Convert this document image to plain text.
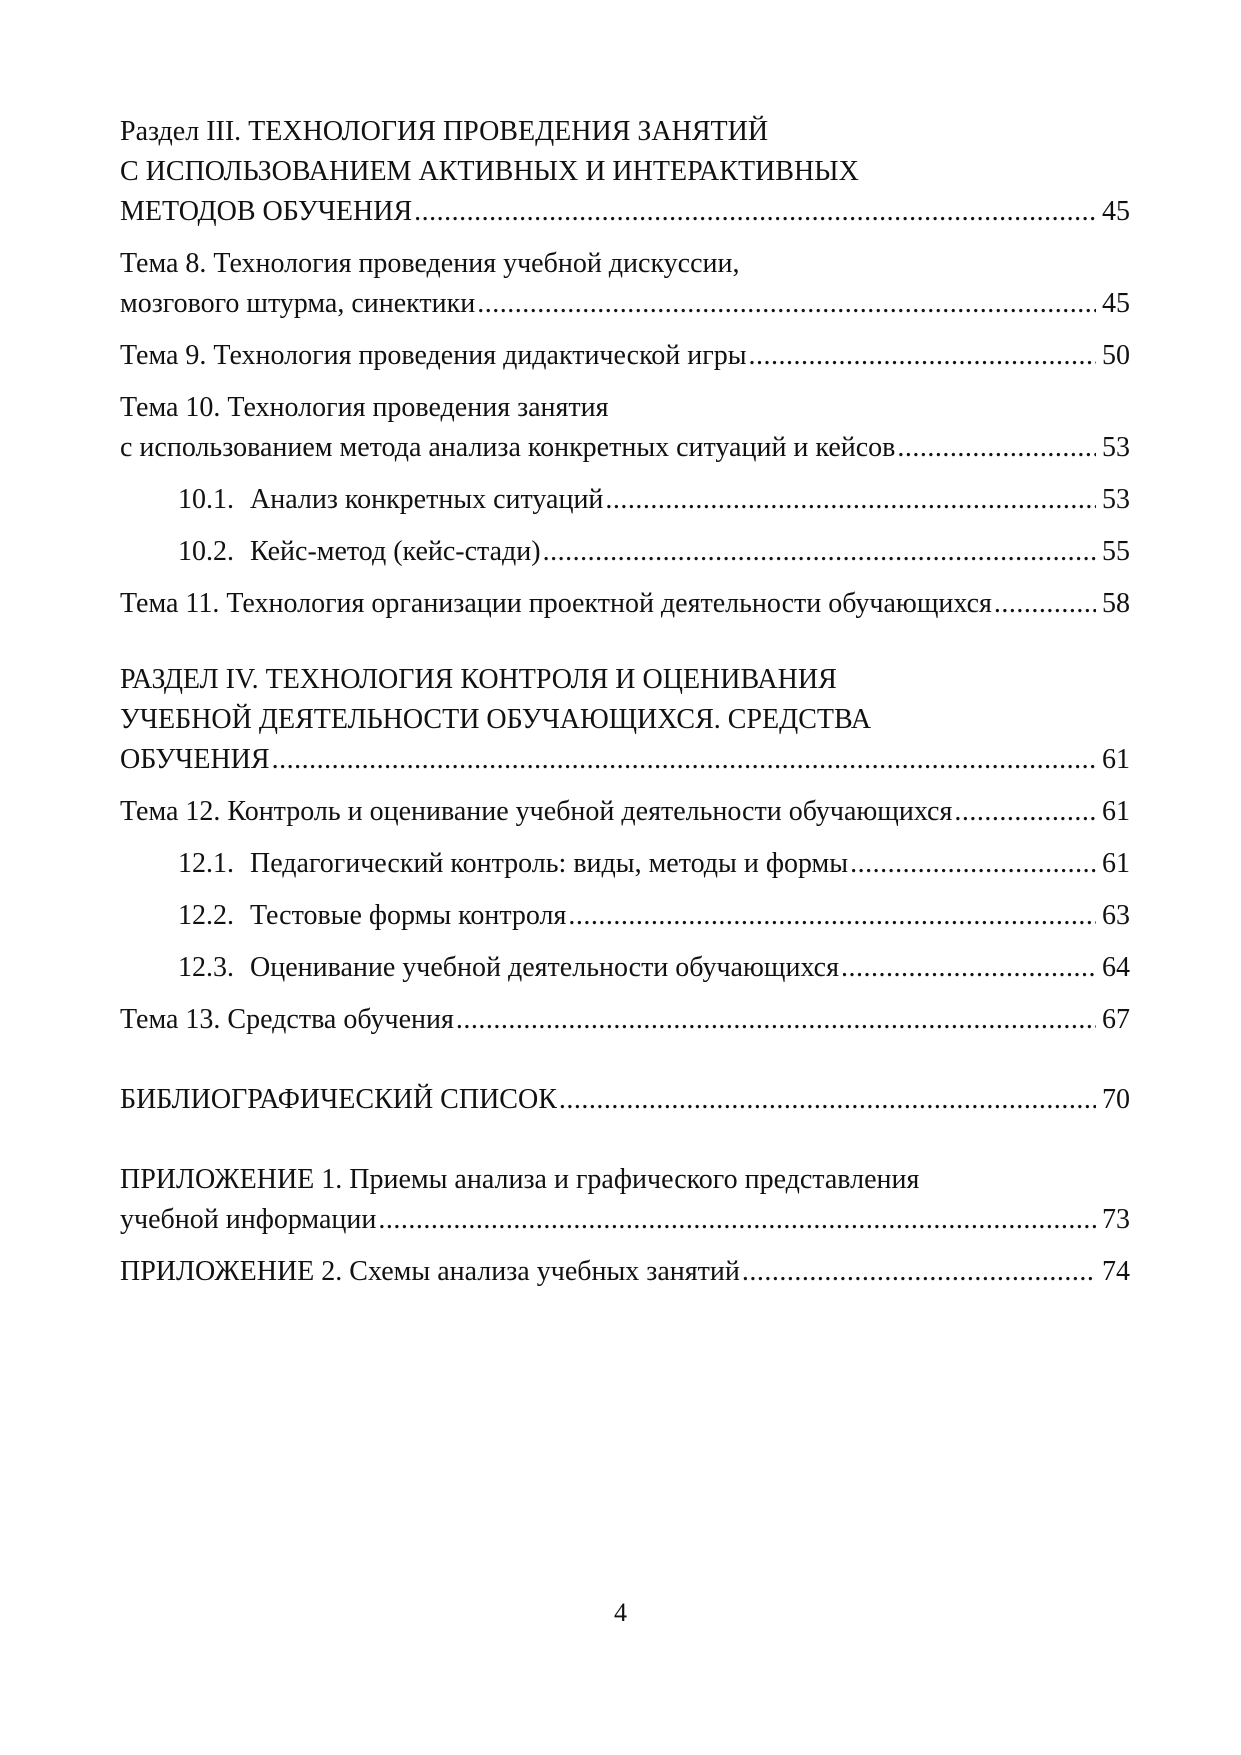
Раздел III. ТЕХНОЛОГИЯ ПРОВЕДЕНИЯ ЗАНЯТИЙ
С ИСПОЛЬЗОВАНИЕМ АКТИВНЫХ И ИНТЕРАКТИВНЫХ
МЕТОДОВ ОБУЧЕНИЯ .....	45
Тема 8. Технология проведения учебной дискуссии,
мозгового штурма, синектики .....	45
Тема 9. Технология проведения дидактической игры .....	50
Тема 10. Технология проведения занятия
с использованием метода анализа конкретных ситуаций и кейсов .....	53
10.1. Анализ конкретных ситуаций .....	53
10.2. Кейс-метод (кейс-стади) .....	55
Тема 11. Технология организации проектной деятельности обучающихся .....	58
РАЗДЕЛ IV. ТЕХНОЛОГИЯ КОНТРОЛЯ И ОЦЕНИВАНИЯ
УЧЕБНОЙ ДЕЯТЕЛЬНОСТИ ОБУЧАЮЩИХСЯ. СРЕДСТВА
ОБУЧЕНИЯ .....	61
Тема 12. Контроль и оценивание учебной деятельности обучающихся .....	61
12.1. Педагогический контроль: виды, методы и формы .....	61
12.2. Тестовые формы контроля .....	63
12.3. Оценивание учебной деятельности обучающихся .....	64
Тема 13. Средства обучения .....	67
БИБЛИОГРАФИЧЕСКИЙ СПИСОК .....	70
ПРИЛОЖЕНИЕ 1. Приемы анализа и графического представления
учебной информации .....	73
ПРИЛОЖЕНИЕ 2. Схемы анализа учебных занятий .....	74
4
